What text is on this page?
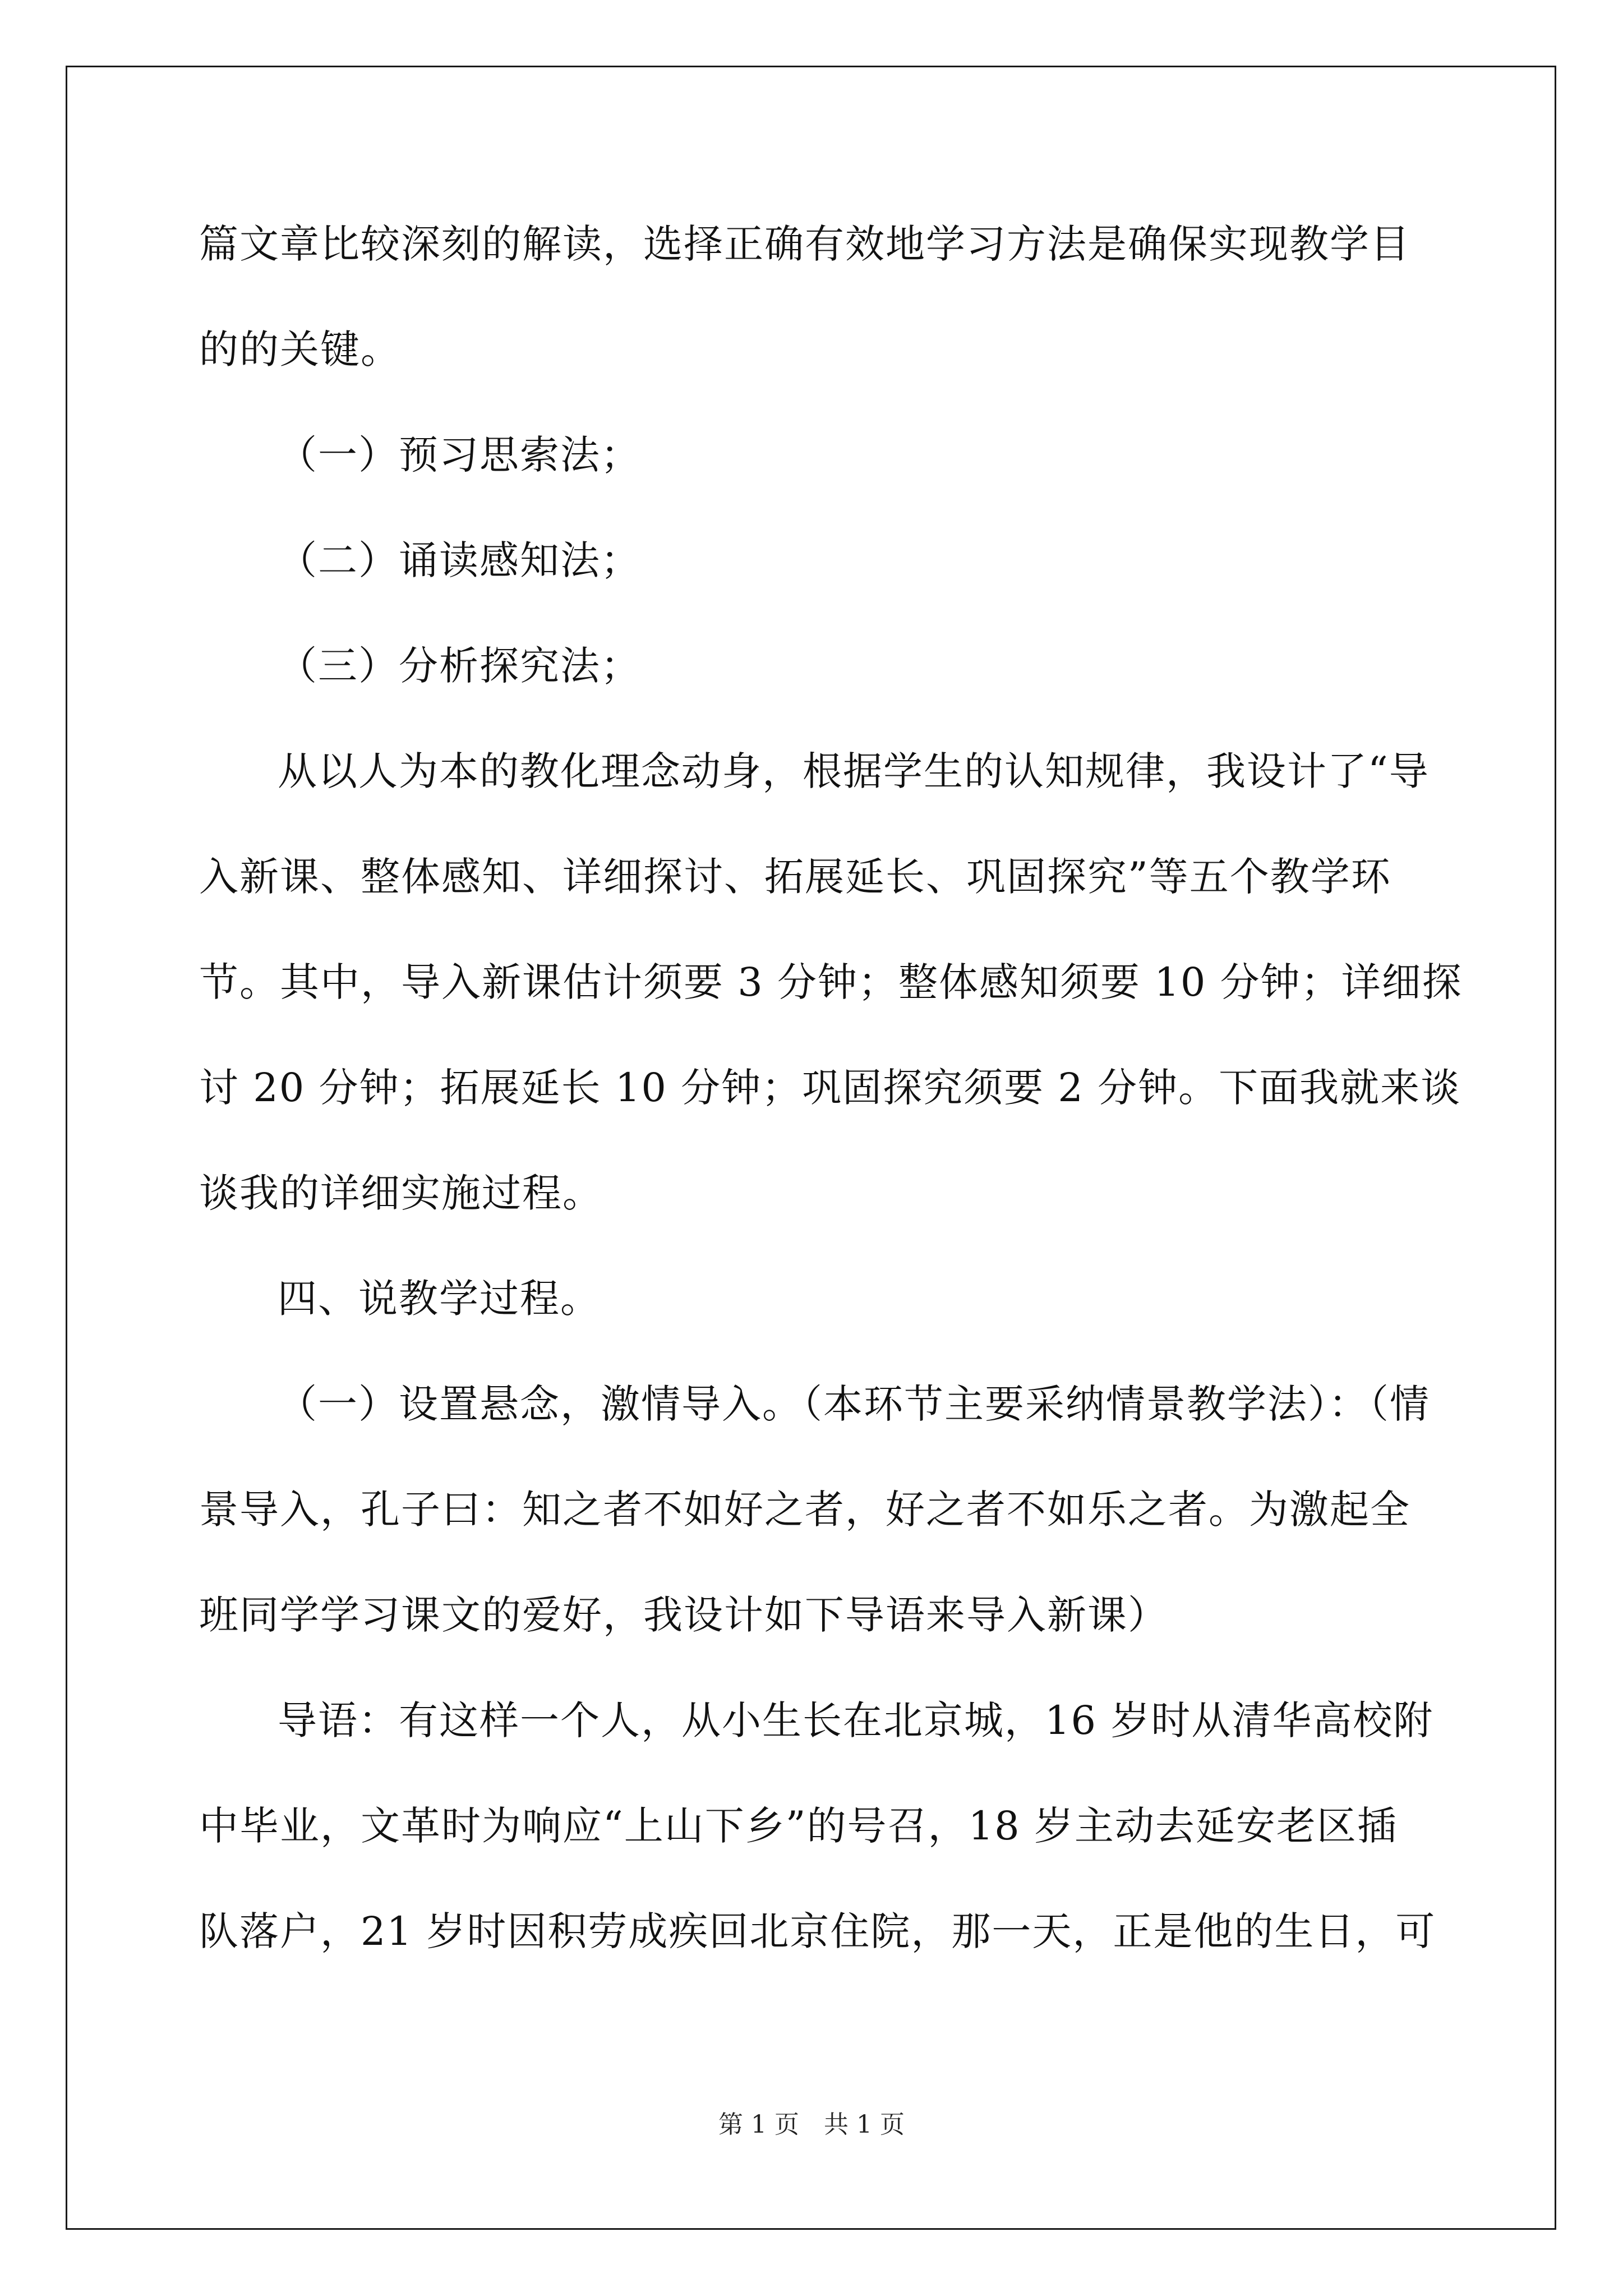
篇文章比较深刻的解读，选择正确有效地学习方法是确保实现教学目
的的关键。
（一）预习思索法；
（二）诵读感知法；
（三）分析探究法；
从以人为本的教化理念动身，根据学生的认知规律，我设计了“导
入新课、整体感知、详细探讨、拓展延长、巩固探究”等五个教学环
节。其中，导入新课估计须要 3 分钟；整体感知须要 10 分钟；详细探
讨 20 分钟；拓展延长 10 分钟；巩固探究须要 2 分钟。下面我就来谈
谈我的详细实施过程。
四、说教学过程。
（一）设置悬念，激情导入。（本环节主要采纳情景教学法）：（情
景导入，孔子曰：知之者不如好之者，好之者不如乐之者。为激起全
班同学学习课文的爱好，我设计如下导语来导入新课）
导语：有这样一个人，从小生长在北京城，16 岁时从清华高校附
中毕业，文革时为响应“上山下乡”的号召，18 岁主动去延安老区插
队落户，21 岁时因积劳成疾回北京住院，那一天，正是他的生日，可
第 1 页　共 1 页
